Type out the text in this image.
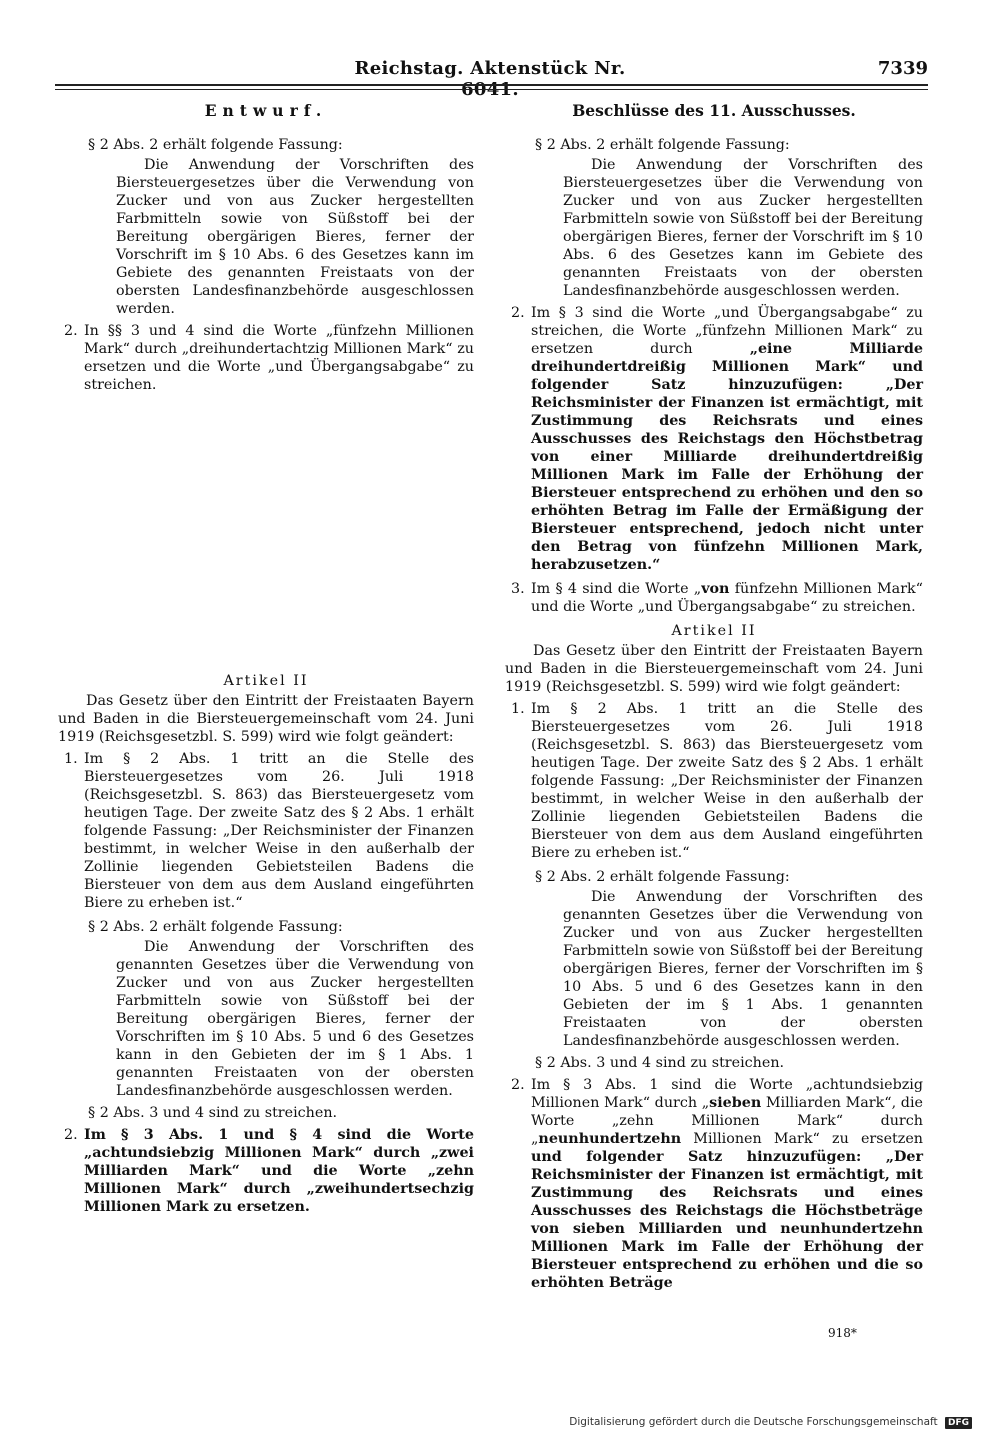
Reichstag. Aktenstück Nr. 6041.
7339
Entwurf.
§ 2 Abs. 2 erhält folgende Fassung:

Die Anwendung der Vorschriften des Biersteuergesetzes über die Verwendung von Zucker und von aus Zucker hergestellten Farbmitteln sowie von Süßstoff bei der Bereitung obergärigen Bieres, ferner der Vorschrift im § 10 Abs. 6 des Gesetzes kann im Gebiete des genannten Freistaats von der obersten Landesfinanzbehörde ausgeschlossen werden.

2. In §§ 3 und 4 sind die Worte „fünfzehn Millionen Mark“ durch „dreihundertachtzig Millionen Mark“ zu ersetzen und die Worte „und Übergangsabgabe“ zu streichen.
Artikel II
Das Gesetz über den Eintritt der Freistaaten Bayern und Baden in die Biersteuergemeinschaft vom 24. Juni 1919 (Reichsgesetzbl. S. 599) wird wie folgt geändert:
1. Im § 2 Abs. 1 tritt an die Stelle des Biersteuergesetzes vom 26. Juli 1918 (Reichsgesetzbl. S. 863) das Biersteuergesetz vom heutigen Tage. Der zweite Satz des § 2 Abs. 1 erhält folgende Fassung: „Der Reichsminister der Finanzen bestimmt, in welcher Weise in den außerhalb der Zollinie liegenden Gebietsteilen Badens die Biersteuer von dem aus dem Ausland eingeführten Biere zu erheben ist.“
§ 2 Abs. 2 erhält folgende Fassung:

Die Anwendung der Vorschriften des genannten Gesetzes über die Verwendung von Zucker und von aus Zucker hergestellten Farbmitteln sowie von Süßstoff bei der Bereitung obergärigen Bieres, ferner der Vorschriften im § 10 Abs. 5 und 6 des Gesetzes kann in den Gebieten der im § 1 Abs. 1 genannten Freistaaten von der obersten Landesfinanzbehörde ausgeschlossen werden.

§ 2 Abs. 3 und 4 sind zu streichen.
2. Im § 3 Abs. 1 und § 4 sind die Worte „achtundsiebzig Millionen Mark“ durch „zwei Milliarden Mark“ und die Worte „zehn Millionen Mark“ durch „zweihundertsechzig Millionen Mark zu ersetzen.
Beschlüsse des 11. Ausschusses.
§ 2 Abs. 2 erhält folgende Fassung:

Die Anwendung der Vorschriften des Biersteuergesetzes über die Verwendung von Zucker und von aus Zucker hergestellten Farbmitteln sowie von Süßstoff bei der Bereitung obergärigen Bieres, ferner der Vorschrift im § 10 Abs. 6 des Gesetzes kann im Gebiete des genannten Freistaats von der obersten Landesfinanzbehörde ausgeschlossen werden.

2. Im § 3 sind die Worte „und Übergangsabgabe“ zu streichen, die Worte „fünfzehn Millionen Mark“ zu ersetzen durch „eine Milliarde dreihundertdreißig Millionen Mark“ und folgender Satz hinzuzufügen: „Der Reichsminister der Finanzen ist ermächtigt, mit Zustimmung des Reichsrats und eines Ausschusses des Reichstags den Höchstbetrag von einer Milliarde dreihundertdreißig Millionen Mark im Falle der Erhöhung der Biersteuer entsprechend zu erhöhen und den so erhöhten Betrag im Falle der Ermäßigung der Biersteuer entsprechend, jedoch nicht unter den Betrag von fünfzehn Millionen Mark, herabzusetzen.“
3. Im § 4 sind die Worte „von fünfzehn Millionen Mark“ und die Worte „und Übergangsabgabe“ zu streichen.
Artikel II
Das Gesetz über den Eintritt der Freistaaten Bayern und Baden in die Biersteuergemeinschaft vom 24. Juni 1919 (Reichsgesetzbl. S. 599) wird wie folgt geändert:
1. Im § 2 Abs. 1 tritt an die Stelle des Biersteuergesetzes vom 26. Juli 1918 (Reichsgesetzbl. S. 863) das Biersteuergesetz vom heutigen Tage. Der zweite Satz des § 2 Abs. 1 erhält folgende Fassung: „Der Reichsminister der Finanzen bestimmt, in welcher Weise in den außerhalb der Zollinie liegenden Gebietsteilen Badens die Biersteuer von dem aus dem Ausland eingeführten Biere zu erheben ist.“
§ 2 Abs. 2 erhält folgende Fassung:

Die Anwendung der Vorschriften des genannten Gesetzes über die Verwendung von Zucker und von aus Zucker hergestellten Farbmitteln sowie von Süßstoff bei der Bereitung obergärigen Bieres, ferner der Vorschriften im § 10 Abs. 5 und 6 des Gesetzes kann in den Gebieten der im § 1 Abs. 1 genannten Freistaaten von der obersten Landesfinanzbehörde ausgeschlossen werden.

§ 2 Abs. 3 und 4 sind zu streichen.
2. Im § 3 Abs. 1 sind die Worte „achtundsiebzig Millionen Mark“ durch „sieben Milliarden Mark“, die Worte „zehn Millionen Mark“ durch „neunhundertzehn Millionen Mark“ zu ersetzen und folgender Satz hinzuzufügen: „Der Reichsminister der Finanzen ist ermächtigt, mit Zustimmung des Reichsrats und eines Ausschusses des Reichstags die Höchstbeträge von sieben Milliarden und neunhundertzehn Millionen Mark im Falle der Erhöhung der Biersteuer entsprechend zu erhöhen und die so erhöhten Beträge
918*
Digitalisierung gefördert durch die Deutsche Forschungsgemeinschaft DFG
